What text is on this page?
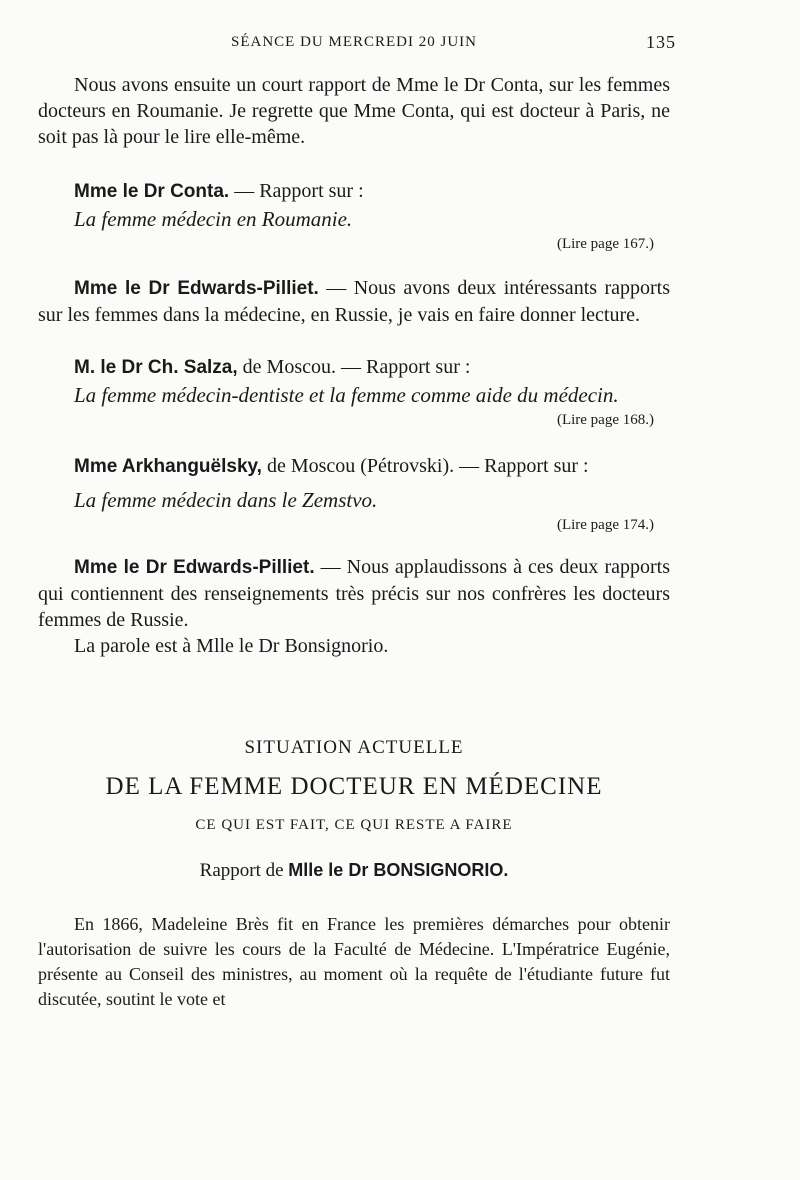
SÉANCE DU MERCREDI 20 JUIN	135

Nous avons ensuite un court rapport de Mme le Dr Conta, sur les femmes docteurs en Roumanie. Je regrette que Mme Conta, qui est docteur à Paris, ne soit pas là pour le lire elle-même.

Mme le Dr Conta. — Rapport sur :

La femme médecin en Roumanie.
(Lire page 167.)

Mme le Dr Edwards-Pilliet. — Nous avons deux intéressants rapports sur les femmes dans la médecine, en Russie, je vais en faire donner lecture.

M. le Dr Ch. Salza, de Moscou. — Rapport sur :

La femme médecin-dentiste et la femme comme aide du médecin.
(Lire page 168.)

Mme Arkhanguëlsky, de Moscou (Pétrovski). — Rapport sur :

La femme médecin dans le Zemstvo.
(Lire page 174.)

Mme le Dr Edwards-Pilliet. — Nous applaudissons à ces deux rapports qui contiennent des renseignements très précis sur nos confrères les docteurs femmes de Russie.

La parole est à Mlle le Dr Bonsignorio.

SITUATION ACTUELLE
DE LA FEMME DOCTEUR EN MÉDECINE
CE QUI EST FAIT, CE QUI RESTE A FAIRE
Rapport de Mlle le Dr BONSIGNORIO.

En 1866, Madeleine Brès fit en France les premières démarches pour obtenir l'autorisation de suivre les cours de la Faculté de Médecine. L'Impératrice Eugénie, présente au Conseil des ministres, au moment où la requête de l'étudiante future fut discutée, soutint le vote et
